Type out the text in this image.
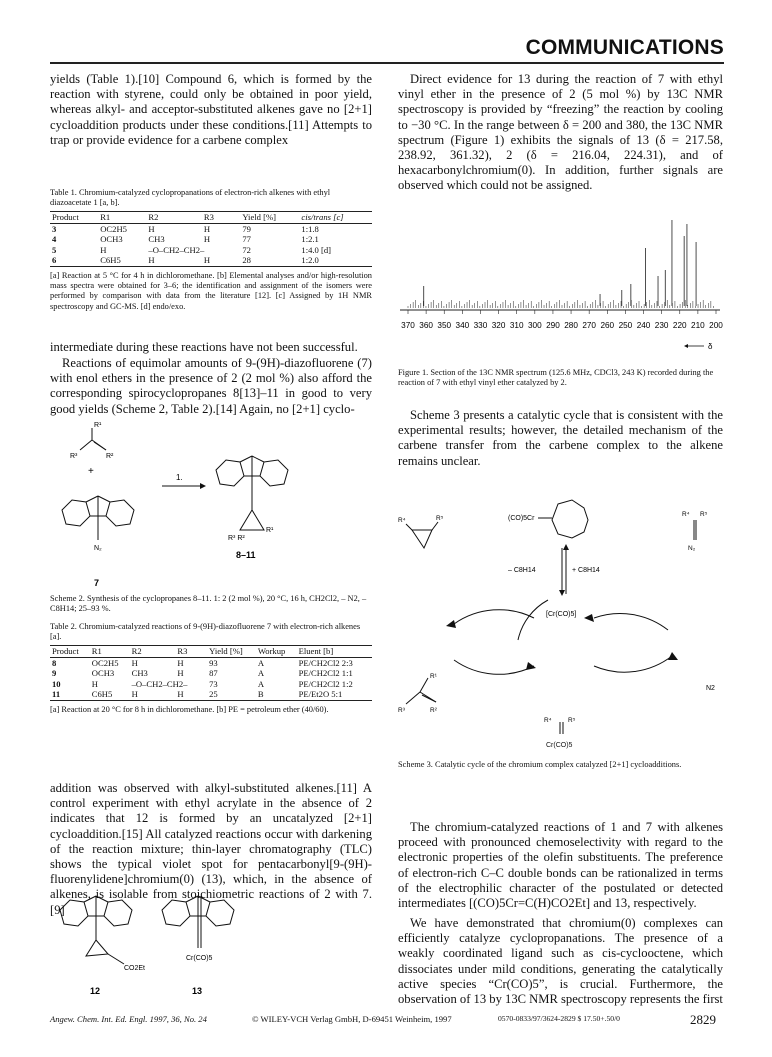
COMMUNICATIONS
yields (Table 1).[10] Compound 6, which is formed by the reaction with styrene, could only be obtained in poor yield, whereas alkyl- and acceptor-substituted alkenes gave no [2+1] cycloaddition products under these conditions.[11] Attempts to trap or provide evidence for a carbene complex
Table 1. Chromium-catalyzed cyclopropanations of electron-rich alkenes with ethyl diazoacetate 1 [a, b].
Product	R1	R2	R3	Yield [%]	cis/trans [c]
3	OC2H5	H	H	79	1:1.8
4	OCH3	CH3	H	77	1:2.1
5	H	–O–CH2–CH2–		72	1:4.0 [d]
6	C6H5	H	H	28	1:2.0
[a] Reaction at 5 °C for 4 h in dichloromethane. [b] Elemental analyses and/or high-resolution mass spectra were obtained for 3–6; the identification and assignment of the isomers were performed by comparison with data from the literature [12]. [c] Assigned by 1H NMR spectroscopy and GC-MS. [d] endo/exo.
intermediate during these reactions have not been successful.
Reactions of equimolar amounts of 9-(9H)-diazofluorene (7) with enol ethers in the presence of 2 (2 mol %) also afford the corresponding spirocyclopropanes 8[13]–11 in good to very good yields (Scheme 2, Table 2).[14] Again, no [2+1] cyclo-
R¹
R³	R²
+
N₂
7
1.
R³ R²
R¹
8–11
Scheme 2. Synthesis of the cyclopropanes 8–11. 1: 2 (2 mol %), 20 °C, 16 h, CH2Cl2, – N2, – C8H14; 25–93 %.
Table 2. Chromium-catalyzed reactions of 9-(9H)-diazofluorene 7 with electron-rich alkenes [a].
Product	R1	R2	R3	Yield [%]	Workup	Eluent [b]
8	OC2H5	H	H	93	A	PE/CH2Cl2 2:3
9	OCH3	CH3	H	87	A	PE/CH2Cl2 1:1
10	H	–O–CH2–CH2–		73	A	PE/CH2Cl2 1:2
11	C6H5	H	H	25	B	PE/Et2O 5:1
[a] Reaction at 20 °C for 8 h in dichloromethane. [b] PE = petroleum ether (40/60).
addition was observed with alkyl-substituted alkenes.[11] A control experiment with ethyl acrylate in the absence of 2 indicates that 12 is formed by an uncatalyzed [2+1] cycloaddition.[15] All catalyzed reactions occur with darkening of the reaction mixture; thin-layer chromatography (TLC) shows the typical violet spot for pentacarbonyl[9-(9H)-fluorenylidene]chromium(0) (13), which, in the absence of alkenes, is isolable from stoichiometric reactions of 2 with 7.[9]
CO2Et
12
Cr(CO)5
13
Direct evidence for 13 during the reaction of 7 with ethyl vinyl ether in the presence of 2 (5 mol %) by 13C NMR spectroscopy is provided by “freezing” the reaction by cooling to −30 °C. In the range between δ = 200 and 380, the 13C NMR spectrum (Figure 1) exhibits the signals of 13 (δ = 217.58, 238.92, 361.32), 2 (δ = 216.04, 224.31), and of hexacarbonylchromium(0). In addition, further signals are observed which could not be assigned.
370 360 350 340 330 320 310 300 290 280 270 260 250 240 230 220 210 200
δ
Figure 1. Section of the 13C NMR spectrum (125.6 MHz, CDCl3, 243 K) recorded during the reaction of 7 with ethyl vinyl ether catalyzed by 2.
Scheme 3 presents a catalytic cycle that is consistent with the experimental results; however, the detailed mechanism of the carbene transfer from the carbene complex to the alkene remains unclear.
(CO)5Cr
– C8H14	+ C8H14
[Cr(CO)5]
R⁴	R⁵
R⁴ R⁵
N₂
R¹
R³	R²
N2
R⁴	R⁵
Cr(CO)5
Scheme 3. Catalytic cycle of the chromium complex catalyzed [2+1] cycloadditions.
The chromium-catalyzed reactions of 1 and 7 with alkenes proceed with pronounced chemoselectivity with regard to the electronic properties of the olefin substituents. The preference of electron-rich C–C double bonds can be rationalized in terms of the electrophilic character of the postulated or detected intermediates [(CO)5Cr=C(H)CO2Et] and 13, respectively.
We have demonstrated that chromium(0) complexes can efficiently catalyze cyclopropanations. The presence of a weakly coordinated ligand such as cis-cyclooctene, which dissociates under mild conditions, generating the catalytically active species “Cr(CO)5”, is crucial. Furthermore, the observation of 13 by 13C NMR spectroscopy represents the first
Angew. Chem. Int. Ed. Engl. 1997, 36, No. 24	© WILEY-VCH Verlag GmbH, D-69451 Weinheim, 1997	0570-0833/97/3624-2829 $ 17.50+.50/0	2829
